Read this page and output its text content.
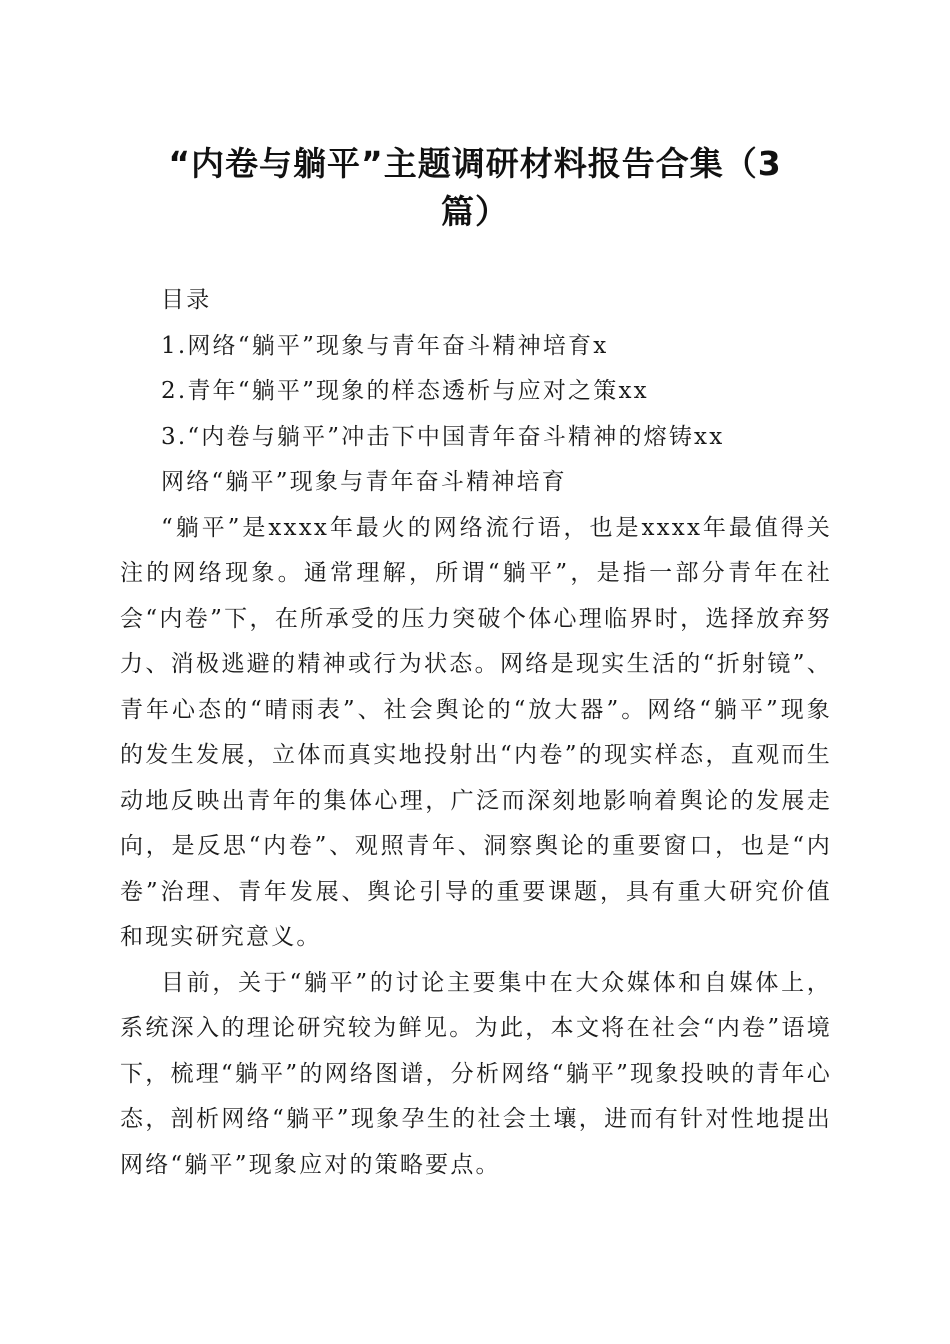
“内卷与躺平”主题调研材料报告合集（3篇）

目录

1.网络“躺平”现象与青年奋斗精神培育x

2.青年“躺平”现象的样态透析与应对之策xx

3.“内卷与躺平”冲击下中国青年奋斗精神的熔铸xx

网络“躺平”现象与青年奋斗精神培育

“躺平”是xxxx年最火的网络流行语，也是xxxx年最值得关注的网络现象。通常理解，所谓“躺平”，是指一部分青年在社会“内卷”下，在所承受的压力突破个体心理临界时，选择放弃努力、消极逃避的精神或行为状态。网络是现实生活的“折射镜”、青年心态的“晴雨表”、社会舆论的“放大器”。网络“躺平”现象的发生发展，立体而真实地投射出“内卷”的现实样态，直观而生动地反映出青年的集体心理，广泛而深刻地影响着舆论的发展走向，是反思“内卷”、观照青年、洞察舆论的重要窗口，也是“内卷”治理、青年发展、舆论引导的重要课题，具有重大研究价值和现实研究意义。

目前，关于“躺平”的讨论主要集中在大众媒体和自媒体上，系统深入的理论研究较为鲜见。为此，本文将在社会“内卷”语境下，梳理“躺平”的网络图谱，分析网络“躺平”现象投映的青年心态，剖析网络“躺平”现象孕生的社会土壤，进而有针对性地提出网络“躺平”现象应对的策略要点。
